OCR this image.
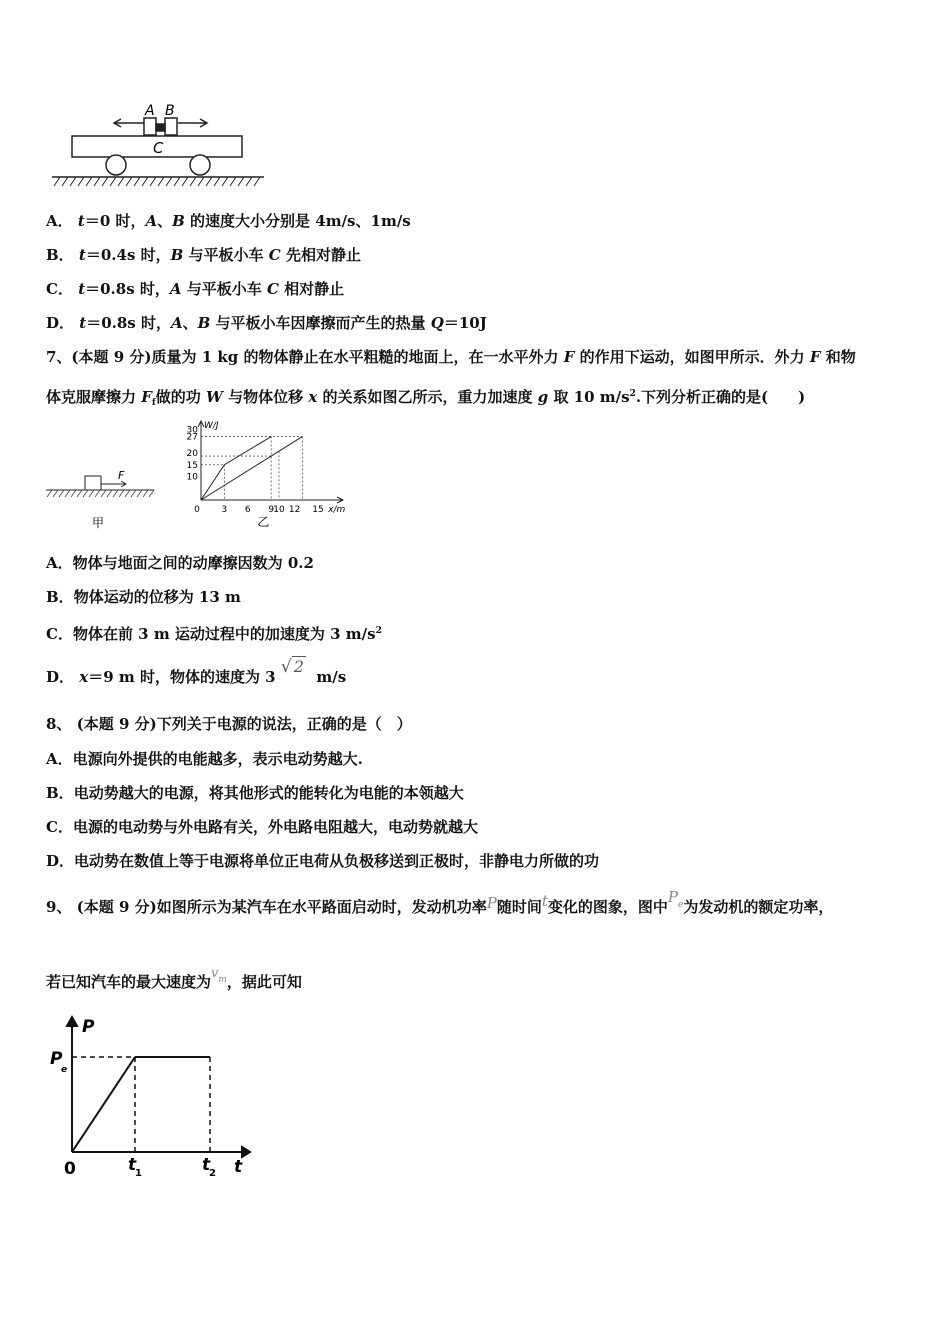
A B
C
A． t＝0 时，A、B 的速度大小分别是 4m/s、1m/s
B． t＝0.4s 时，B 与平板小车 C 先相对静止
C． t＝0.8s 时，A 与平板小车 C 相对静止
D． t＝0.8s 时，A、B 与平板小车因摩擦而产生的热量 Q＝10J
7、(本题 9 分)质量为 1 kg 的物体静止在水平粗糙的地面上，在一水平外力 F 的作用下运动，如图甲所示．外力 F 和物
体克服摩擦力 $F_f$做的功 W 与物体位移 x 的关系如图乙所示，重力加速度 g 取 10 $m/s^2$.下列分析正确的是(　　)
F
甲
10
15
20
27
30
0 3 6 9 10 12 15
W/J
x/m
乙
A．物体与地面之间的动摩擦因数为 0.2
B．物体运动的位移为 13 m
C．物体在前 3 m 运动过程中的加速度为 3 $m/s^2$
D． x＝9 m 时，物体的速度为 3 √ 2  m/s
8、 (本题 9 分)下列关于电源的说法，正确的是（　）
A．电源向外提供的电能越多，表示电动势越大.
B．电动势越大的电源，将其他形式的能转化为电能的本领越大
C．电源的电动势与外电路有关，外电路电阻越大，电动势就越大
D．电动势在数值上等于电源将单位正电荷从负极移送到正极时，非静电力所做的功
9、 (本题 9 分)如图所示为某汽车在水平路面启动时，发动机功率P随时间t变化的图象，图中$P^e$为发动机的额定功率，
若已知汽车的最大速度为$v^m$，据此可知
P
t
P
e
0	t
1	t
2
